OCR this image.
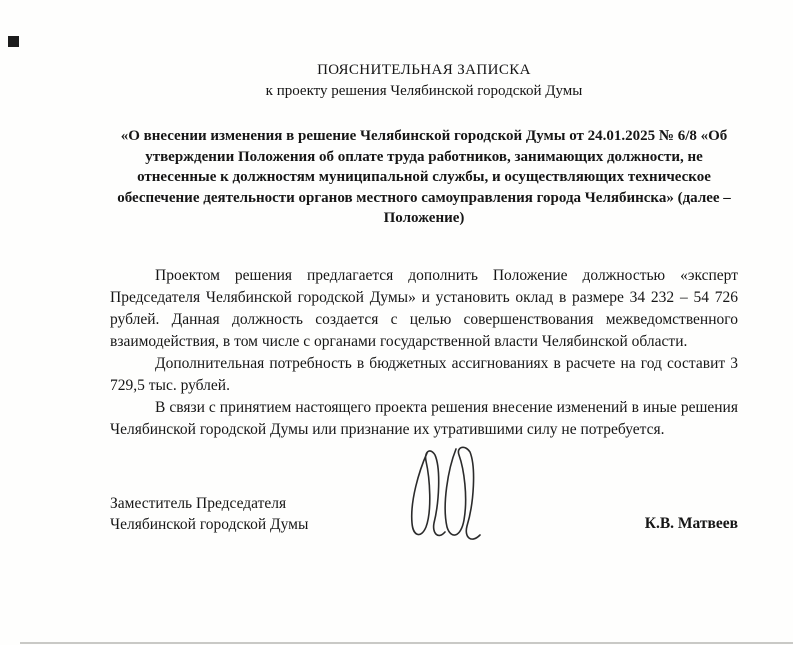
ПОЯСНИТЕЛЬНАЯ ЗАПИСКА
к проекту решения Челябинской городской Думы
«О внесении изменения в решение Челябинской городской Думы от 24.01.2025 № 6/8 «Об утверждении Положения об оплате труда работников, занимающих должности, не отнесенные к должностям муниципальной службы, и осуществляющих техническое обеспечение деятельности органов местного самоуправления города Челябинска» (далее – Положение)

Проектом решения предлагается дополнить Положение должностью «эксперт Председателя Челябинской городской Думы» и установить оклад в размере 34 232 – 54 726 рублей. Данная должность создается с целью совершенствования межведомственного взаимодействия, в том числе с органами государственной власти Челябинской области.

Дополнительная потребность в бюджетных ассигнованиях в расчете на год составит 3 729,5 тыс. рублей.

В связи с принятием настоящего проекта решения внесение изменений в иные решения Челябинской городской Думы или признание их утратившими силу не потребуется.

Заместитель Председателя
Челябинской городской Думы	К.В. Матвеев
